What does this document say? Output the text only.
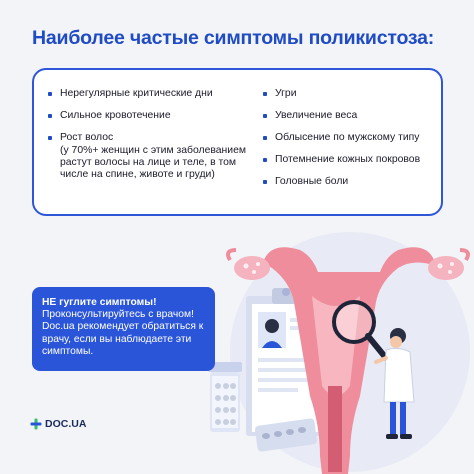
Наиболее частые симптомы поликистоза:
Нерегулярные критические дни
Сильное кровотечение
Рост волос
(у 70%+ женщин с этим заболеванием растут волосы на лице и теле, в том числе на спине, животе и груди)
Угри
Увеличение веса
Облысение по мужскому типу
Потемнение кожных покровов
Головные боли
НЕ гуглите симптомы!
Проконсультируйтесь с врачом! Doc.ua рекомендует обратиться к врачу, если вы наблюдаете эти симптомы.
DOC.UA
